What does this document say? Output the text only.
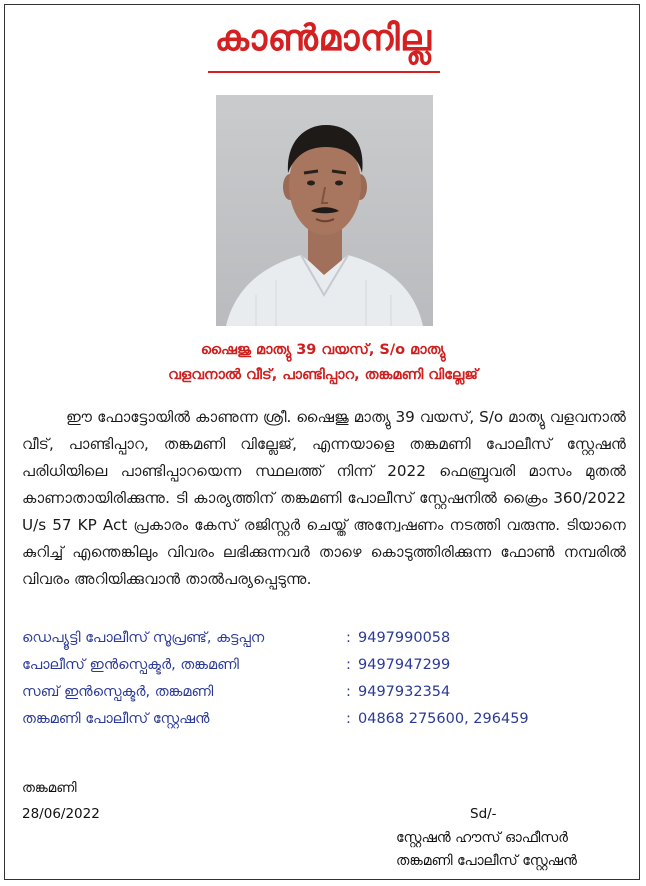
കാൺമാനില്ല
ഷൈജു മാത്യു 39 വയസ്, S/o മാത്യു
വളവനാൽ വീട്, പാണ്ടിപ്പാറ, തങ്കമണി വില്ലേജ്
ഈ ഫോട്ടോയിൽ കാണുന്ന ശ്രീ. ഷൈജു മാത്യു 39 വയസ്, S/o മാത്യു വളവനാൽ വീട്, പാണ്ടിപ്പാറ, തങ്കമണി വില്ലേജ്, എന്നയാളെ തങ്കമണി പോലീസ് സ്റ്റേഷൻ പരിധിയിലെ പാണ്ടിപ്പാറയെന്ന സ്ഥലത്ത് നിന്ന് 2022 ഫെബ്രുവരി മാസം മുതൽ കാണാതായിരിക്കുന്നു. ടി കാര്യത്തിന് തങ്കമണി പോലീസ് സ്റ്റേഷനിൽ ക്രൈം 360/2022 U/s 57 KP Act പ്രകാരം കേസ് രജിസ്റ്റർ ചെയ്ത് അന്വേഷണം നടത്തി വരുന്നു. ടിയാനെ കുറിച്ച് എന്തെങ്കിലും വിവരം ലഭിക്കുന്നവർ താഴെ കൊടുത്തിരിക്കുന്ന ഫോൺ നമ്പരിൽ വിവരം അറിയിക്കുവാൻ താൽപര്യപ്പെടുന്നു.
ഡെപ്യൂട്ടി പോലീസ് സൂപ്രണ്ട്, കട്ടപ്പന	: 9497990058
പോലീസ് ഇൻസ്പെക്ടർ, തങ്കമണി	: 9497947299
സബ് ഇൻസ്പെക്ടർ, തങ്കമണി	: 9497932354
തങ്കമണി പോലീസ് സ്റ്റേഷൻ	: 04868 275600, 296459
തങ്കമണി
28/06/2022	Sd/-
സ്റ്റേഷൻ ഹൗസ് ഓഫീസർ
തങ്കമണി പോലീസ് സ്റ്റേഷൻ
